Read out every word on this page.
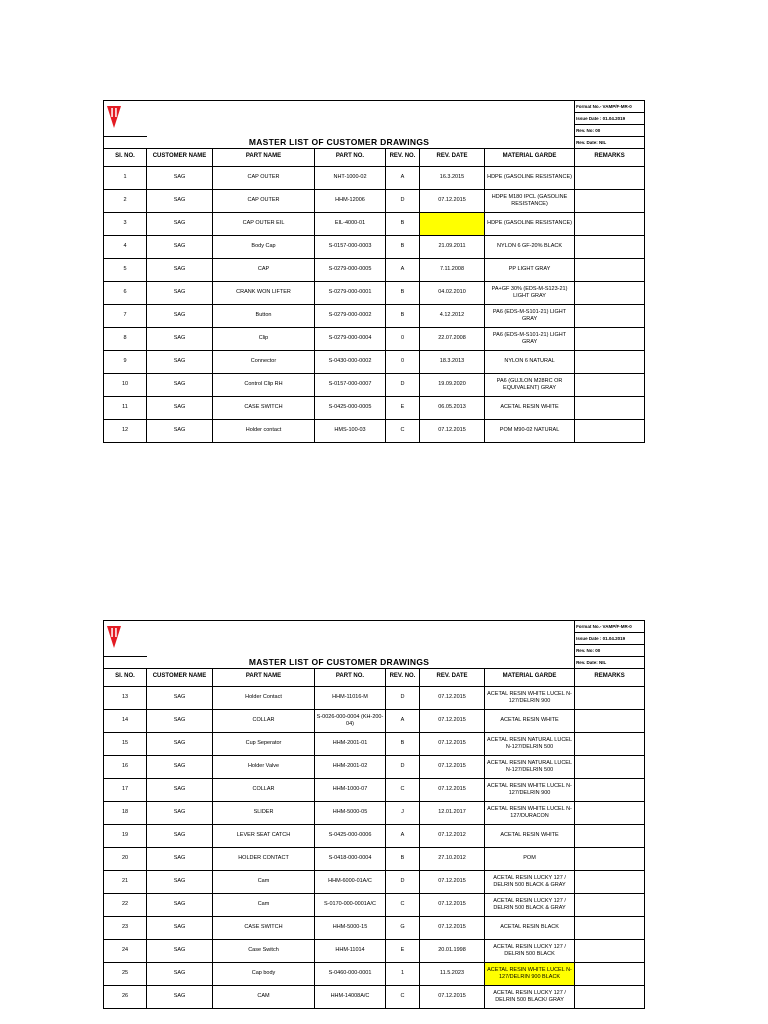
		Format No.- VAMP/F-MR-0
							Issue Date : 01.04.2019
							Rev. No: 00
MASTER LIST OF CUSTOMER DRAWINGS							Rev. Date: NIL
SI. NO.	CUSTOMER NAME	PART NAME	PART NO.	REV. NO.	REV. DATE	MATERIAL GARDE	REMARKS
1	SAG	CAP OUTER	NHT-1000-02	A	16.3.2015	HDPE (GASOLINE RESISTANCE)	
2	SAG	CAP OUTER	HHM-12006	D	07.12.2015	HDPE M180 IPCL (GASOLINE RESISTANCE)	
3	SAG	CAP OUTER EIL	EIL-4000-01	B		HDPE (GASOLINE RESISTANCE)	
4	SAG	Body Cap	S-0157-000-0003	B	21.09.2011	NYLON 6 GF-20% BLACK	
5	SAG	CAP	S-0279-000-0005	A	7.11.2008	PP LIGHT GRAY	
6	SAG	CRANK WON LIFTER	S-0279-000-0001	B	04.02.2010	PA+GF 30% (EDS-M-S123-21) LIGHT GRAY	
7	SAG	Button	S-0279-000-0002	B	4.12.2012	PA6 (EDS-M-S101-21) LIGHT GRAY	
8	SAG	Clip	S-0279-000-0004	0	22.07.2008	PA6 (EDS-M-S101-21) LIGHT GRAY	
9	SAG	Connector	S-0430-000-0002	0	18.3.2013	NYLON 6 NATURAL	
10	SAG	Control Clip RH	S-0157-000-0007	D	19.09.2020	PA6 (GUJLON M28RC OR EQUIVALENT) GRAY	
11	SAG	CASE SWITCH	S-0425-000-0005	E	06.05.2013	ACETAL RESIN WHITE	
12	SAG	Holder contact	HMS-100-03	C	07.12.2015	POM M90-02 NATURAL	
		Format No.- VAMP/F-MR-0
							Issue Date : 01.04.2019
							Rev. No: 00
MASTER LIST OF CUSTOMER DRAWINGS							Rev. Date: NIL
SI. NO.	CUSTOMER NAME	PART NAME	PART NO.	REV. NO.	REV. DATE	MATERIAL GARDE	REMARKS
13	SAG	Holder Contact	HHM-11016-M	D	07.12.2015	ACETAL RESIN WHITE LUCEL N-127/DELRIN 900	
14	SAG	COLLAR	S-0026-000-0004 (KH-200-04)	A	07.12.2015	ACETAL RESIN WHITE	
15	SAG	Cup Seperator	HHM-2001-01	B	07.12.2015	ACETAL RESIN NATURAL LUCEL N-127/DELRIN 500	
16	SAG	Holder Valve	HHM-2001-02	D	07.12.2015	ACETAL RESIN NATURAL LUCEL N-127/DELRIN 500	
17	SAG	COLLAR	HHM-1000-07	C	07.12.2015	ACETAL RESIN WHITE LUCEL N-127/DELRIN 900	
18	SAG	SLIDER	HHM-5000-05	J	12.01.2017	ACETAL RESIN WHITE LUCEL N-127/DURACON	
19	SAG	LEVER SEAT CATCH	S-0425-000-0006	A	07.12.2012	ACETAL RESIN WHITE	
20	SAG	HOLDER CONTACT	S-0418-000-0004	B	27.10.2012	POM	
21	SAG	Cam	HHM-6000-01A/C	D	07.12.2015	ACETAL RESIN LUCKY 127 / DELRIN 500 BLACK & GRAY	
22	SAG	Cam	S-0170-000-0001A/C	C	07.12.2015	ACETAL RESIN LUCKY 127 / DELRIN 500 BLACK & GRAY	
23	SAG	CASE SWITCH	HHM-5000-15	G	07.12.2015	ACETAL RESIN BLACK	
24	SAG	Case Switch	HHM-11014	E	20.01.1998	ACETAL RESIN LUCKY 127 / DELRIN 500 BLACK	
25	SAG	Cap body	S-0460-000-0001	1	11.5.2023	ACETAL RESIN WHITE LUCEL N-127/DELRIN 900 BLACK	
26	SAG	CAM	HHM-14008A/C	C	07.12.2015	ACETAL RESIN LUCKY 127 / DELRIN 500 BLACK/ GRAY	
